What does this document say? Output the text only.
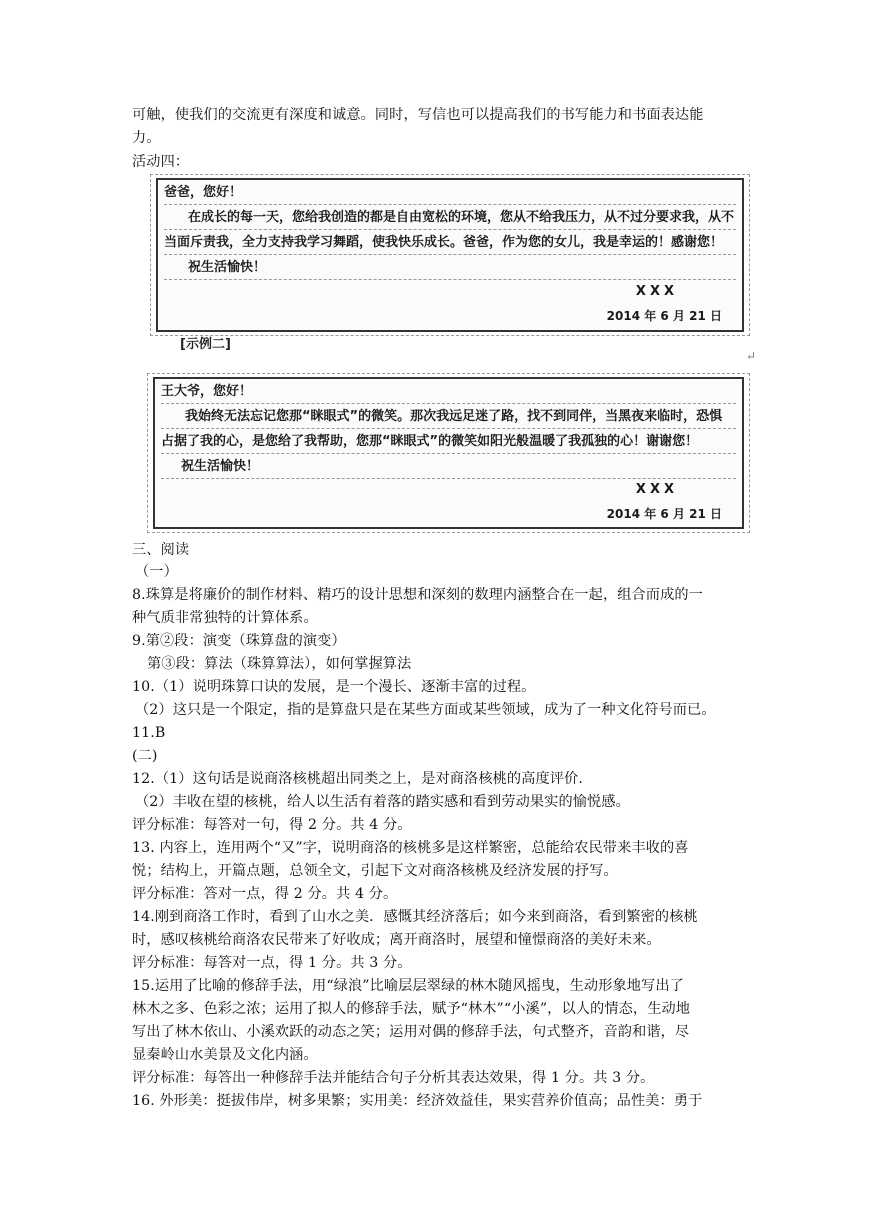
可触，使我们的交流更有深度和诚意。同时，写信也可以提高我们的书写能力和书面表达能
力。
活动四：
爸爸，您好！
在成长的每一天，您给我创造的都是自由宽松的环境，您从不给我压力，从不过分要求我，从不
当面斥责我，全力支持我学习舞蹈，使我快乐成长。爸爸，作为您的女儿，我是幸运的！感谢您！
祝生活愉快！
XXX
2014 年 6 月 21 日
[示例二]
↵
王大爷，您好！
我始终无法忘记您那“眯眼式”的微笑。那次我远足迷了路，找不到同伴，当黑夜来临时，恐惧
占据了我的心，是您给了我帮助，您那“眯眼式”的微笑如阳光般温暖了我孤独的心！谢谢您！
祝生活愉快！
XXX
2014 年 6 月 21 日
三、阅读
（一）
8.珠算是将廉价的制作材料、精巧的设计思想和深刻的数理内涵整合在一起，组合而成的一
种气质非常独特的计算体系。
9.第②段：演变（珠算盘的演变）
第③段：算法（珠算算法），如何掌握算法
10.（1）说明珠算口诀的发展，是一个漫长、逐渐丰富的过程。
（2）这只是一个限定，指的是算盘只是在某些方面或某些领域，成为了一种文化符号而已。
11.B
(二)
12.（1）这句话是说商洛核桃超出同类之上，是对商洛核桃的高度评价.
（2）丰收在望的核桃，给人以生活有着落的踏实感和看到劳动果实的愉悦感。
评分标准：每答对一句，得 2 分。共 4 分。
13. 内容上，连用两个“又”字，说明商洛的核桃多是这样繁密，总能给农民带来丰收的喜
悦；结构上，开篇点题，总领全文，引起下文对商洛核桃及经济发展的抒写。
评分标准：答对一点，得 2 分。共 4 分。
14.刚到商洛工作时，看到了山水之美．感慨其经济落后；如今来到商洛，看到繁密的核桃
时，感叹核桃给商洛农民带来了好收成；离开商洛时，展望和憧憬商洛的美好未来。
评分标准：每答对一点，得 1 分。共 3 分。
15.运用了比喻的修辞手法，用“绿浪”比喻层层翠绿的林木随风摇曳，生动形象地写出了
林木之多、色彩之浓；运用了拟人的修辞手法，赋予“林木”“小溪”，以人的情态，生动地
写出了林木依山、小溪欢跃的动态之笑；运用对偶的修辞手法，句式整齐，音韵和谐，尽
显秦岭山水美景及文化内涵。
评分标准：每答出一种修辞手法并能结合句子分析其表达效果，得 1 分。共 3 分。
16. 外形美：挺拔伟岸，树多果繁；实用美：经济效益佳，果实营养价值高；品性美：勇于
